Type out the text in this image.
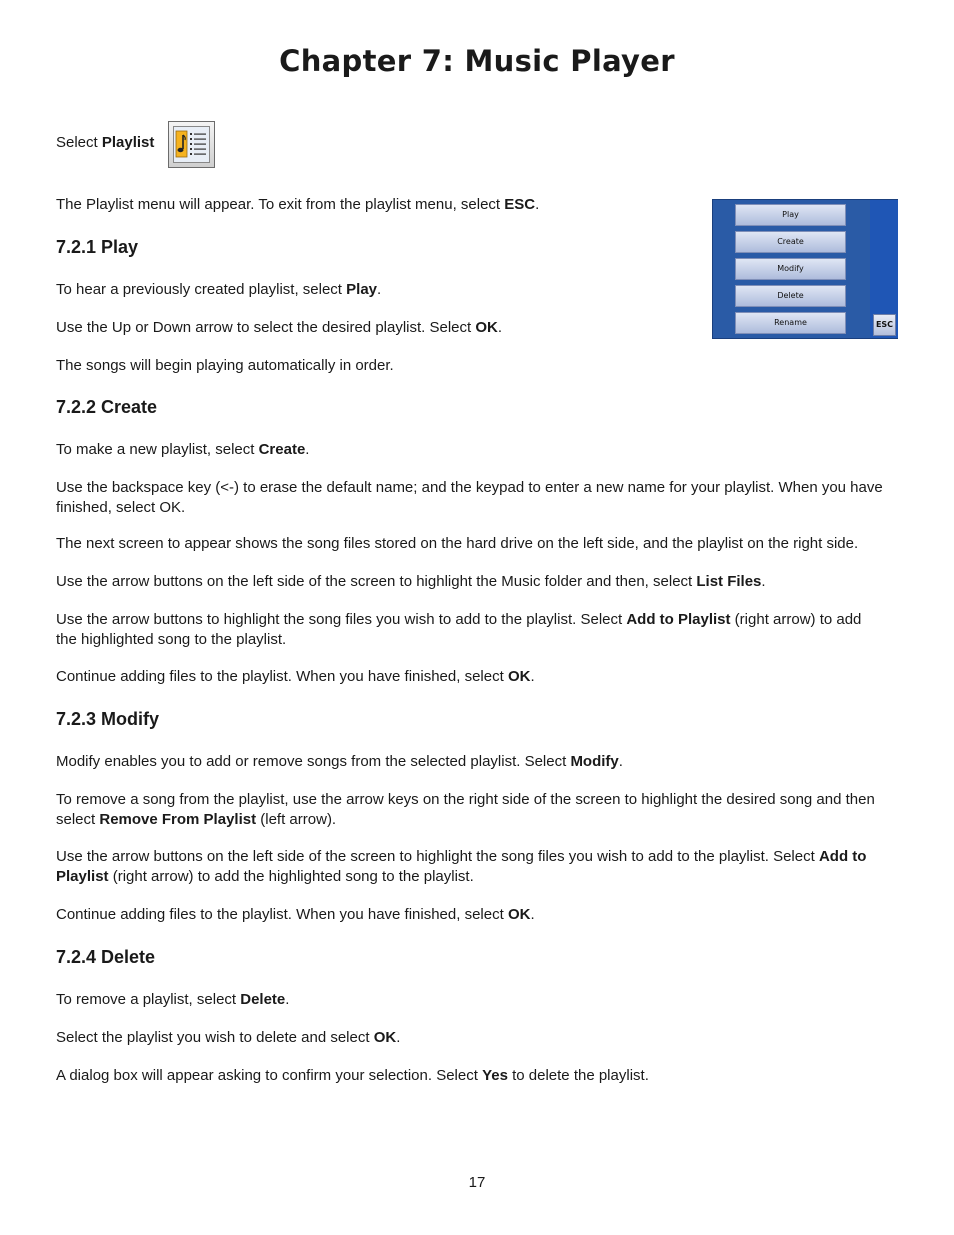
Chapter 7: Music Player

Select Playlist

The Playlist menu will appear. To exit from the playlist menu, select ESC.

Play
Create
Modify
Delete
Rename	ESC
7.2.1 Play

To hear a previously created playlist, select Play.

Use the Up or Down arrow to select the desired playlist. Select OK.

The songs will begin playing automatically in order.

7.2.2 Create

To make a new playlist, select Create.

Use the backspace key (<-) to erase the default name; and the keypad to enter a new name for your playlist. When you have
finished, select OK.

The next screen to appear shows the song files stored on the hard drive on the left side, and the playlist on the right side.

Use the arrow buttons on the left side of the screen to highlight the Music folder and then, select List Files.

Use the arrow buttons to highlight the song files you wish to add to the playlist. Select Add to Playlist (right arrow) to add
the highlighted song to the playlist.

Continue adding files to the playlist. When you have finished, select OK.

7.2.3 Modify

Modify enables you to add or remove songs from the selected playlist. Select Modify.

To remove a song from the playlist, use the arrow keys on the right side of the screen to highlight the desired song and then
select Remove From Playlist (left arrow).

Use the arrow buttons on the left side of the screen to highlight the song files you wish to add to the playlist. Select Add to
Playlist (right arrow) to add the highlighted song to the playlist.

Continue adding files to the playlist. When you have finished, select OK.

7.2.4 Delete

To remove a playlist, select Delete.

Select the playlist you wish to delete and select OK.

A dialog box will appear asking to confirm your selection. Select Yes to delete the playlist.

17
